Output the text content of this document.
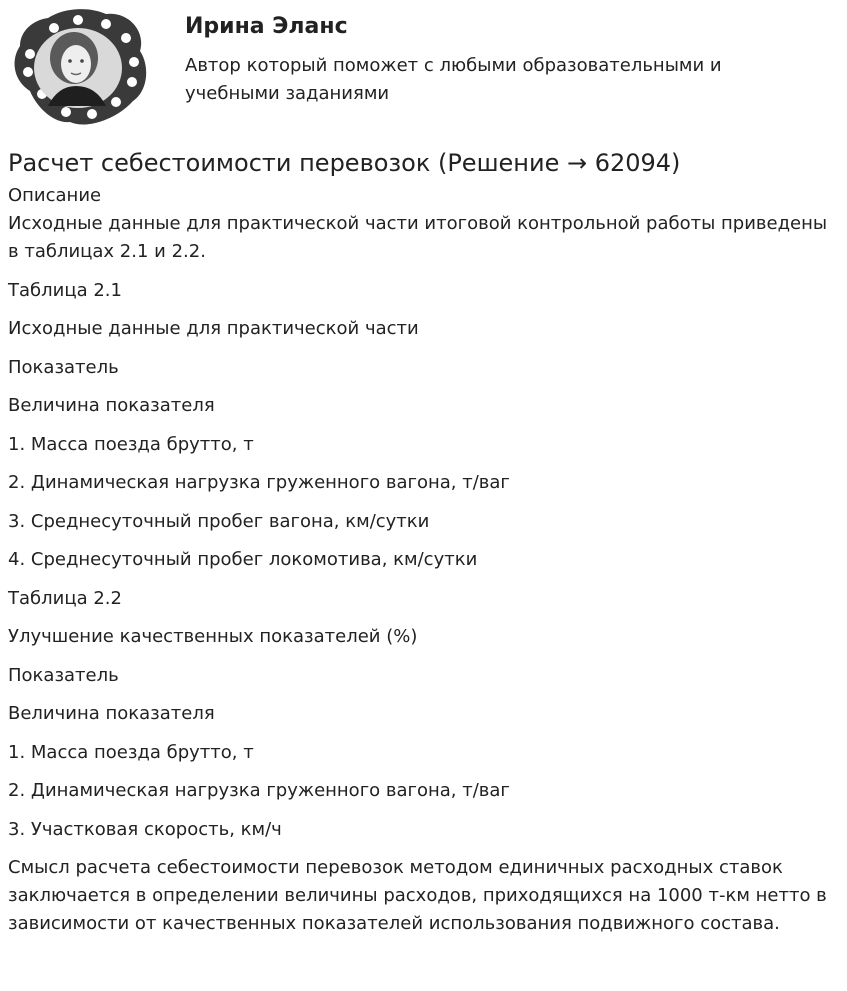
Ирина Эланс
Автор который поможет с любыми образовательными и учебными заданиями
Расчет себестоимости перевозок (Решение → 62094)
Описание

Исходные данные для практической части итоговой контрольной работы приведены в таблицах 2.1 и 2.2.

Таблица 2.1

Исходные данные для практической части

Показатель

Величина показателя

1. Масса поезда брутто, т

2. Динамическая нагрузка груженного вагона, т/ваг

3. Среднесуточный пробег вагона, км/сутки

4. Среднесуточный пробег локомотива, км/сутки

Таблица 2.2

Улучшение качественных показателей (%)

Показатель

Величина показателя

1. Масса поезда брутто, т

2. Динамическая нагрузка груженного вагона, т/ваг

3. Участковая скорость, км/ч

Смысл расчета себестоимости перевозок методом единичных расходных ставок заключается в определении величины расходов, приходящихся на 1000 т-км нетто в зависимости от качественных показателей использования подвижного состава.
